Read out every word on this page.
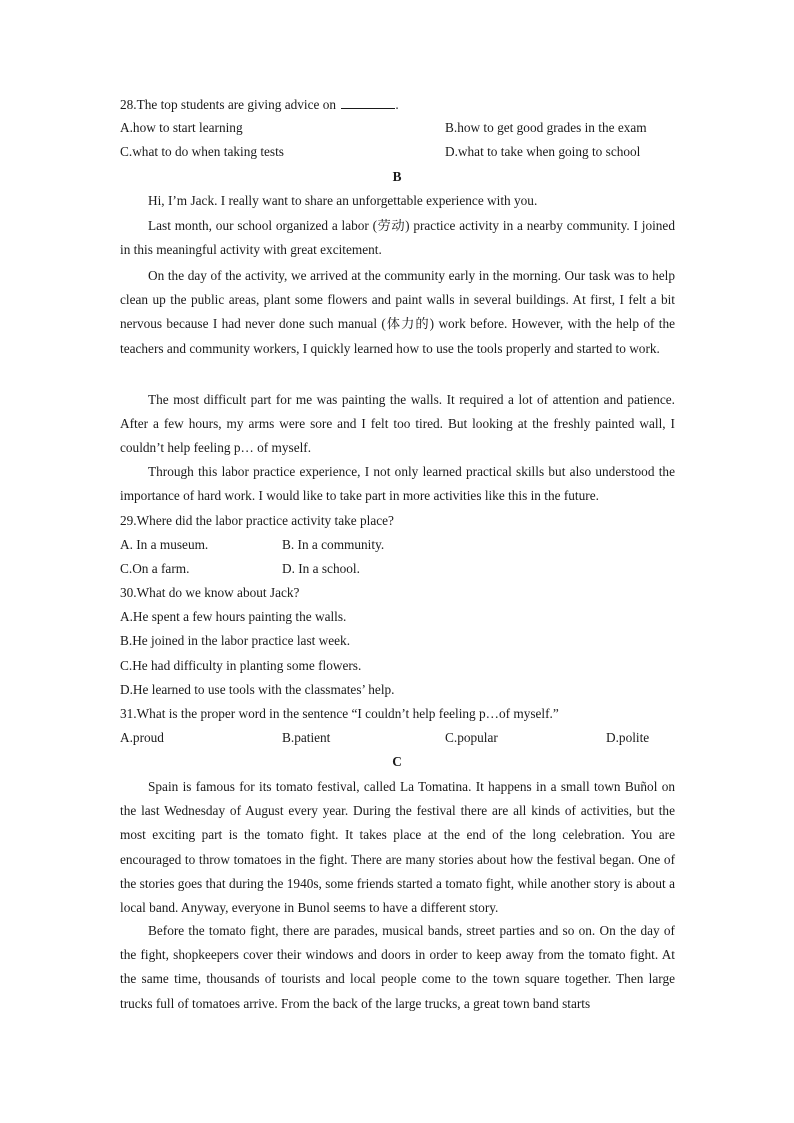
28.The top students are giving advice on	.
A.how to start learning	B.how to get good grades in the exam
C.what to do when taking tests	D.what to take when going to school
B

Hi, I’m Jack. I really want to share an unforgettable experience with you.

Last month, our school organized a labor (劳动) practice activity in a nearby community. I joined in this meaningful activity with great excitement.

On the day of the activity, we arrived at the community early in the morning. Our task was to help clean up the public areas, plant some flowers and paint walls in several buildings. At first, I felt a bit nervous because I had never done such manual (体力的) work before. However, with the help of the teachers and community workers, I quickly learned how to use the tools properly and started to work.

The most difficult part for me was painting the walls. It required a lot of attention and patience. After a few hours, my arms were sore and I felt too tired. But looking at the freshly painted wall, I couldn’t help feeling p… of myself.

Through this labor practice experience, I not only learned practical skills but also understood the importance of hard work. I would like to take part in more activities like this in the future.

29.Where did the labor practice activity take place?
A. In a museum.	B. In a community.
C.On a farm.	D. In a school.
30.What do we know about Jack?
A.He spent a few hours painting the walls.
B.He joined in the labor practice last week.
C.He had difficulty in planting some flowers.
D.He learned to use tools with the classmates’ help.
31.What is the proper word in the sentence “I couldn’t help feeling p…of myself.”
A.proud	B.patient	C.popular	D.polite
C

Spain is famous for its tomato festival, called La Tomatina. It happens in a small town Buñol on the last Wednesday of August every year. During the festival there are all kinds of activities, but the most exciting part is the tomato fight. It takes place at the end of the long celebration. You are encouraged to throw tomatoes in the fight. There are many stories about how the festival began. One of the stories goes that during the 1940s, some friends started a tomato fight, while another story is about a local band. Anyway, everyone in Bunol seems to have a different story.

Before the tomato fight, there are parades, musical bands, street parties and so on. On the day of the fight, shopkeepers cover their windows and doors in order to keep away from the tomato fight. At the same time, thousands of tourists and local people come to the town square together. Then large trucks full of tomatoes arrive. From the back of the large trucks, a great town band starts
